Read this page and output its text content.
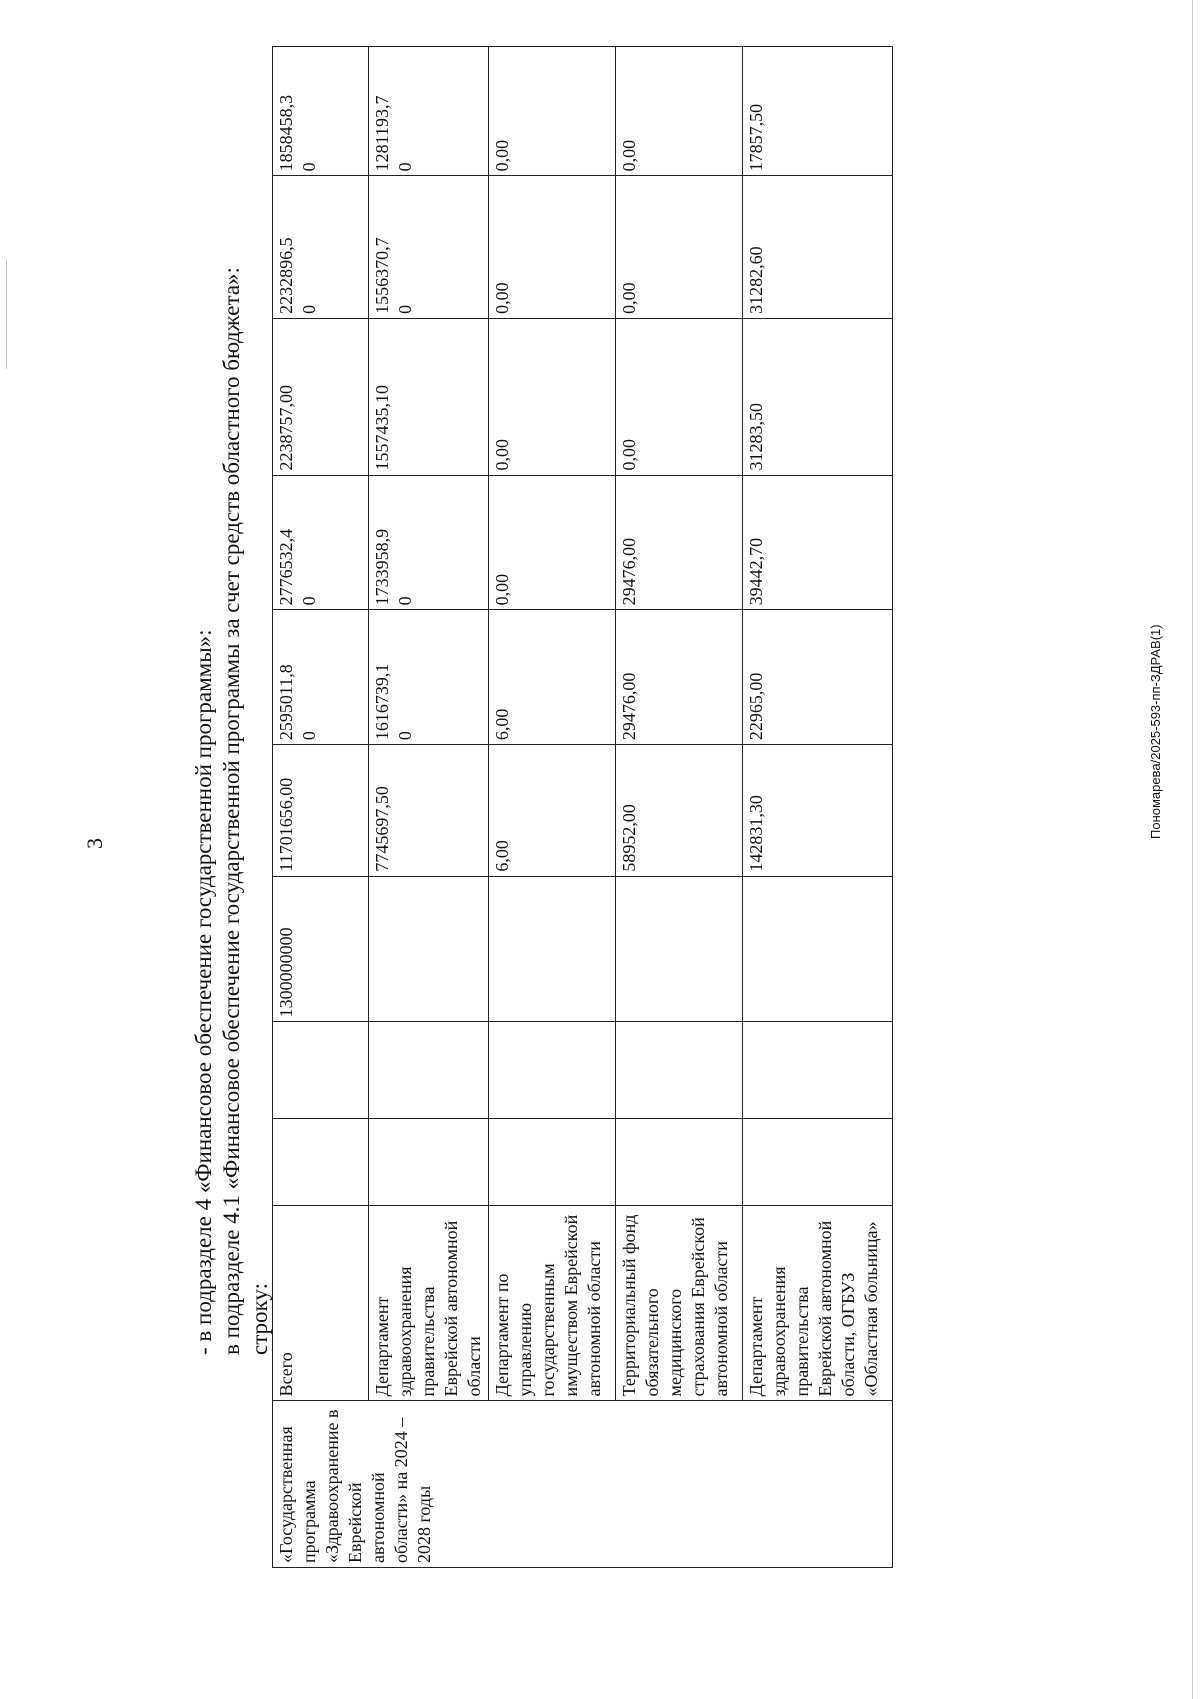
3	- в подразделе 4 «Финансовое обеспечение государственной программы»: в подразделе 4.1 «Финансовое обеспечение государственной программы за счет средств областного бюджета»: строку:
«Государственная программа «Здравоохранение в Еврейской автономной области» на 2024 – 2028 годы	Всего			1300000000	11701656,00	2595011,8 0	2776532,4 0	2238757,00	2232896,5 0	1858458,3 0
	Департамент здравоохранения правительства Еврейской автономной области				7745697,50	1616739,1 0	1733958,9 0	1557435,10	1556370,7 0	1281193,7 0
	Департамент по управлению государственным имуществом Еврейской автономной области				6,00	6,00	0,00	0,00	0,00	0,00
	Территориальный фонд обязательного медицинского страхования Еврейской автономной области				58952,00	29476,00	29476,00	0,00	0,00	0,00
	Департамент здравоохранения правительства Еврейской автономной области, ОГБУЗ «Областная больница»				142831,30	22965,00	39442,70	31283,50	31282,60	17857,50
Пономарева/2025-593-пп-ЗДРАВ(1)
